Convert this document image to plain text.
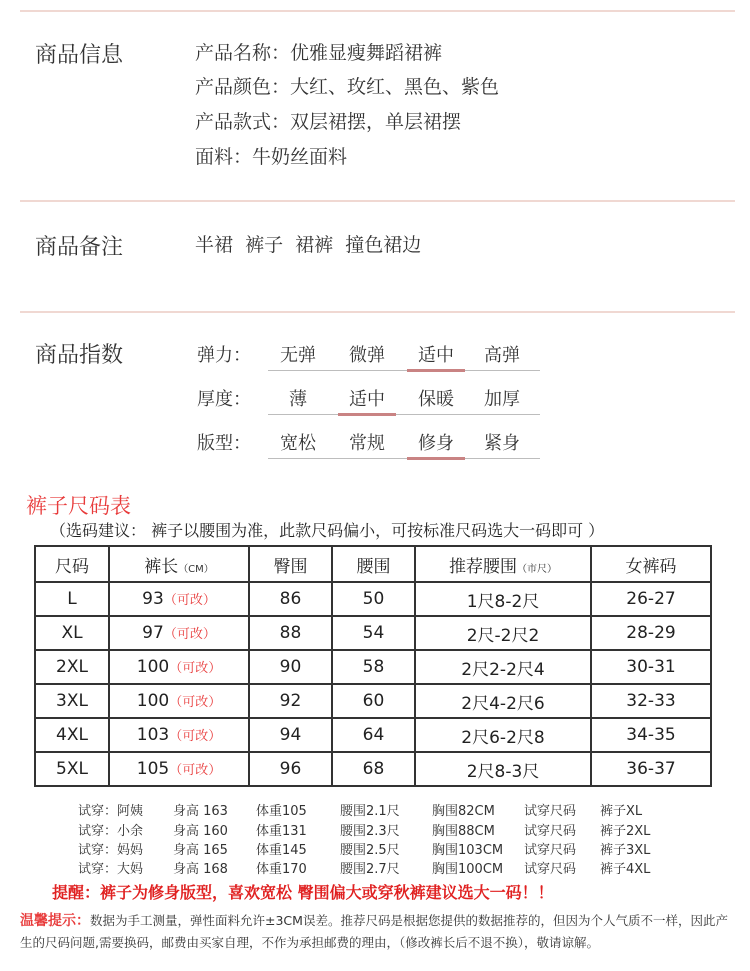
商品信息	产品名称：优雅显瘦舞蹈裙裤
产品颜色：大红、玫红、黑色、紫色
产品款式：双层裙摆，单层裙摆
面料：牛奶丝面料
商品备注	半裙  裤子  裙裤  撞色裙边
商品指数	弹力：	无弹	微弹	适中	高弹
厚度：	薄	适中	保暖	加厚
版型：	宽松	常规	修身	紧身
裤子尺码表
（选码建议： 裤子以腰围为准，此款尺码偏小，可按标准尺码选大一码即可 ）
尺码	裤长（CM）	臀围	腰围	推荐腰围（市尺）	女裤码
L	93（可改）	86	50	1尺8-2尺	26-27
XL	97（可改）	88	54	2尺-2尺2	28-29
2XL	100（可改）	90	58	2尺2-2尺4	30-31
3XL	100（可改）	92	60	2尺4-2尺6	32-33
4XL	103（可改）	94	64	2尺6-2尺8	34-35
5XL	105（可改）	96	68	2尺8-3尺	36-37
试穿：阿姨 身高 163 体重105	腰围2.1尺 胸围82CM 试穿尺码 裤子XL
试穿：小余 身高 160 体重131	腰围2.3尺 胸围88CM 试穿尺码 裤子2XL
试穿：妈妈 身高 165 体重145	腰围2.5尺 胸围103CM 试穿尺码 裤子3XL
试穿：大妈 身高 168 体重170	腰围2.7尺 胸围100CM 试穿尺码 裤子4XL
提醒：裤子为修身版型，喜欢宽松 臀围偏大或穿秋裤建议选大一码！！
温馨提示：数据为手工测量，弹性面料允许±3CM误差。推荐尺码是根据您提供的数据推荐的，但因为个人气质不一样，因此产生的尺码问题,需要换码，邮费由买家自理，不作为承担邮费的理由，（修改裤长后不退不换），敬请谅解。
